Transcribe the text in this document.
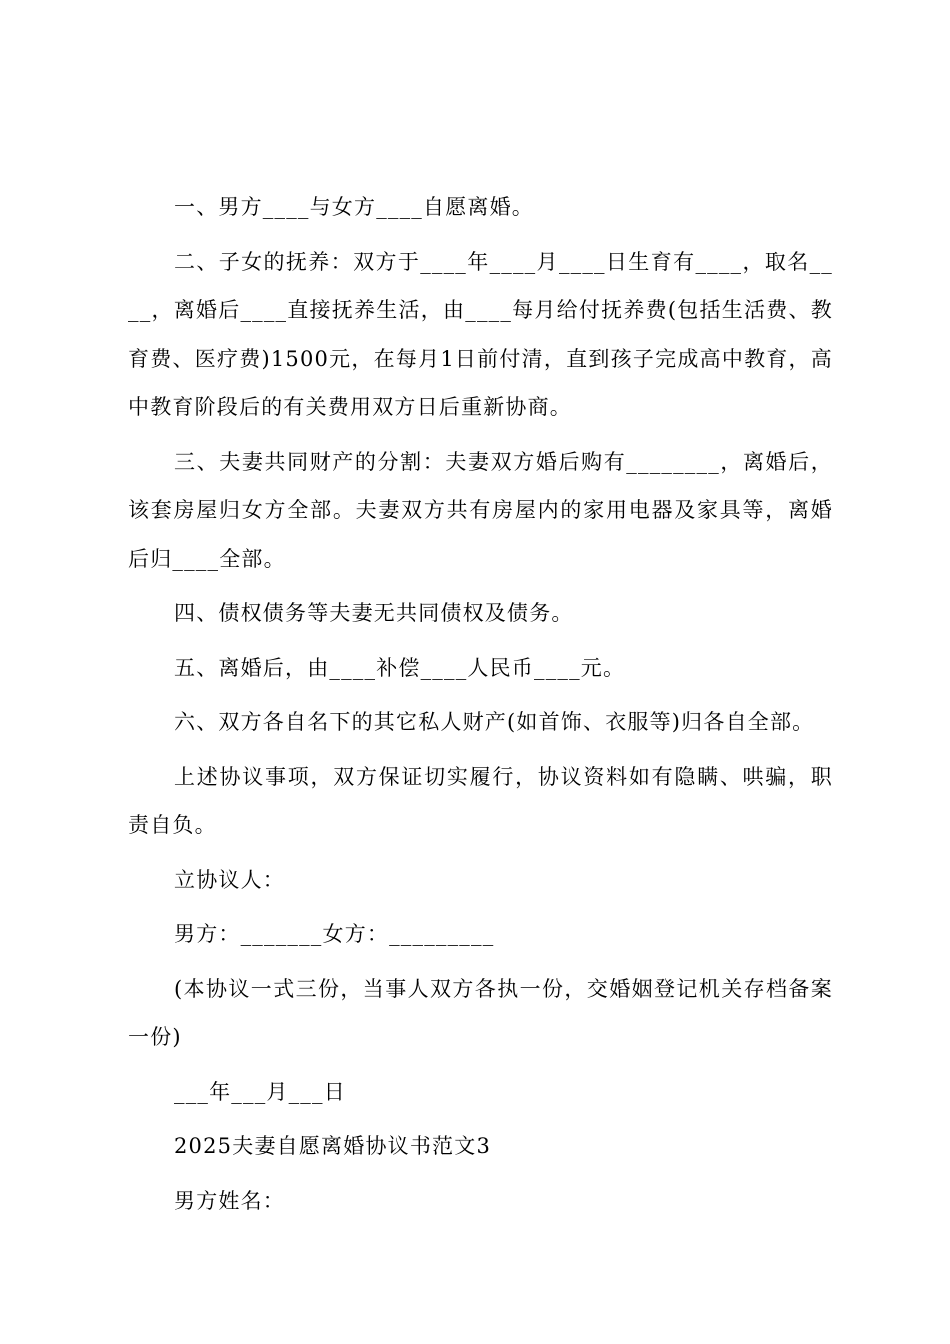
一、男方____与女方____自愿离婚。

二、子女的抚养：双方于____年____月____日生育有____，取名____，离婚后____直接抚养生活，由____每月给付抚养费(包括生活费、教育费、医疗费)1500元，在每月1日前付清，直到孩子完成高中教育，高中教育阶段后的有关费用双方日后重新协商。

三、夫妻共同财产的分割：夫妻双方婚后购有________，离婚后，该套房屋归女方全部。夫妻双方共有房屋内的家用电器及家具等，离婚后归____全部。

四、债权债务等夫妻无共同债权及债务。

五、离婚后，由____补偿____人民币____元。

六、双方各自名下的其它私人财产(如首饰、衣服等)归各自全部。

上述协议事项，双方保证切实履行，协议资料如有隐瞒、哄骗，职责自负。

立协议人：

男方：_______女方：_________

(本协议一式三份，当事人双方各执一份，交婚姻登记机关存档备案一份)

___年___月___日

2025夫妻自愿离婚协议书范文3

男方姓名：
